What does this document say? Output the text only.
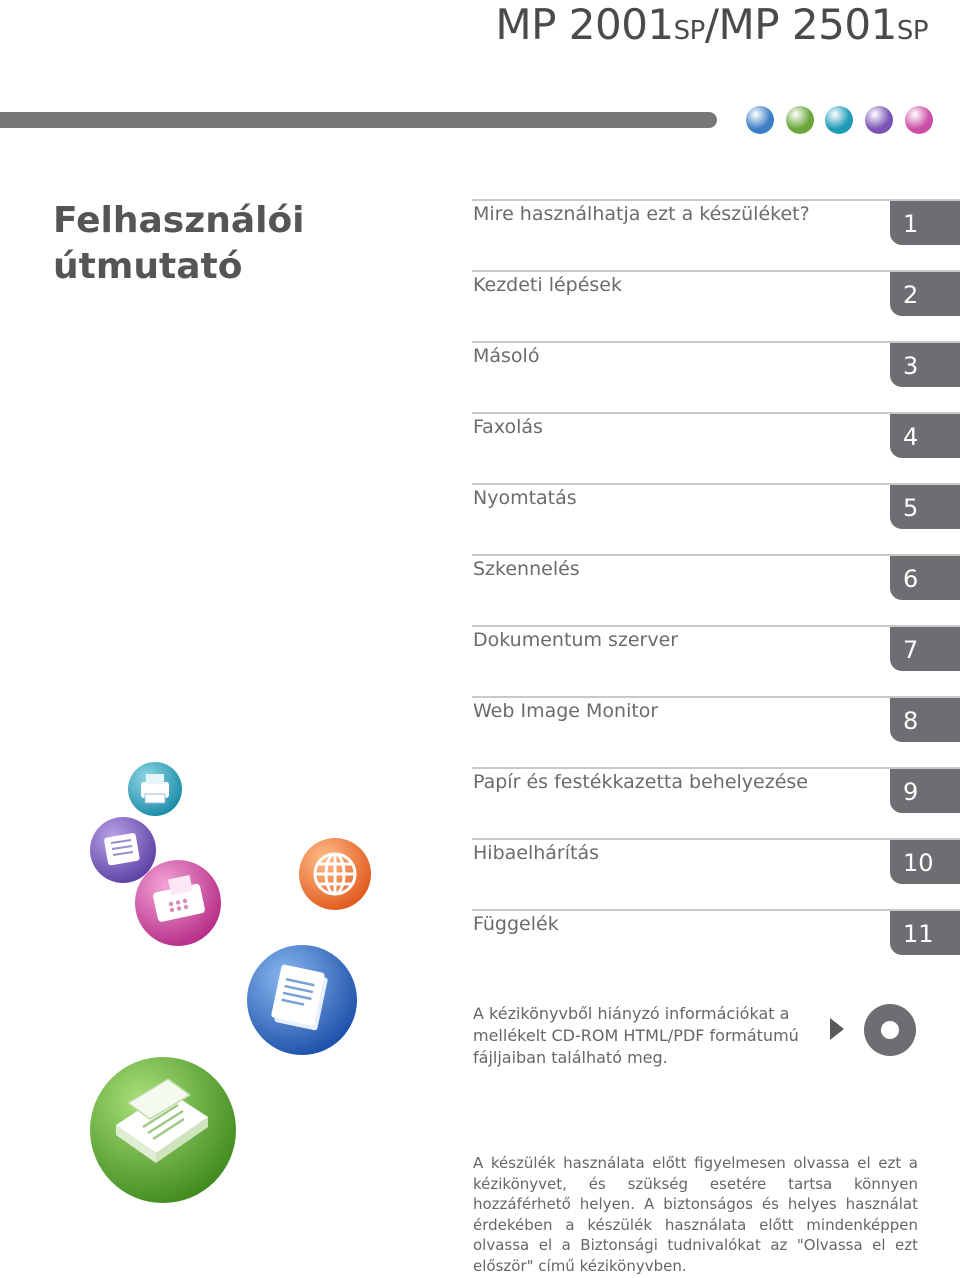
MP 2001SP/MP 2501SP
Felhasználói
útmutató
Mire használhatja ezt a készüléket?	1
Kezdeti lépések	2
Másoló	3
Faxolás	4
Nyomtatás	5
Szkennelés	6
Dokumentum szerver	7
Web Image Monitor	8
Papír és festékkazetta behelyezése	9
Hibaelhárítás	10
Függelék	11
A kézikönyvből hiányzó információkat a mellékelt CD-ROM HTML/PDF formátumú fájljaiban található meg.
A készülék használata előtt figyelmesen olvassa el ezt a kézikönyvet, és szükség esetére tartsa könnyen hozzáférhető helyen. A biztonságos és helyes használat érdekében a készülék használata előtt mindenképpen olvassa el a Biztonsági tudnivalókat az "Olvassa el ezt először" című kézikönyvben.
